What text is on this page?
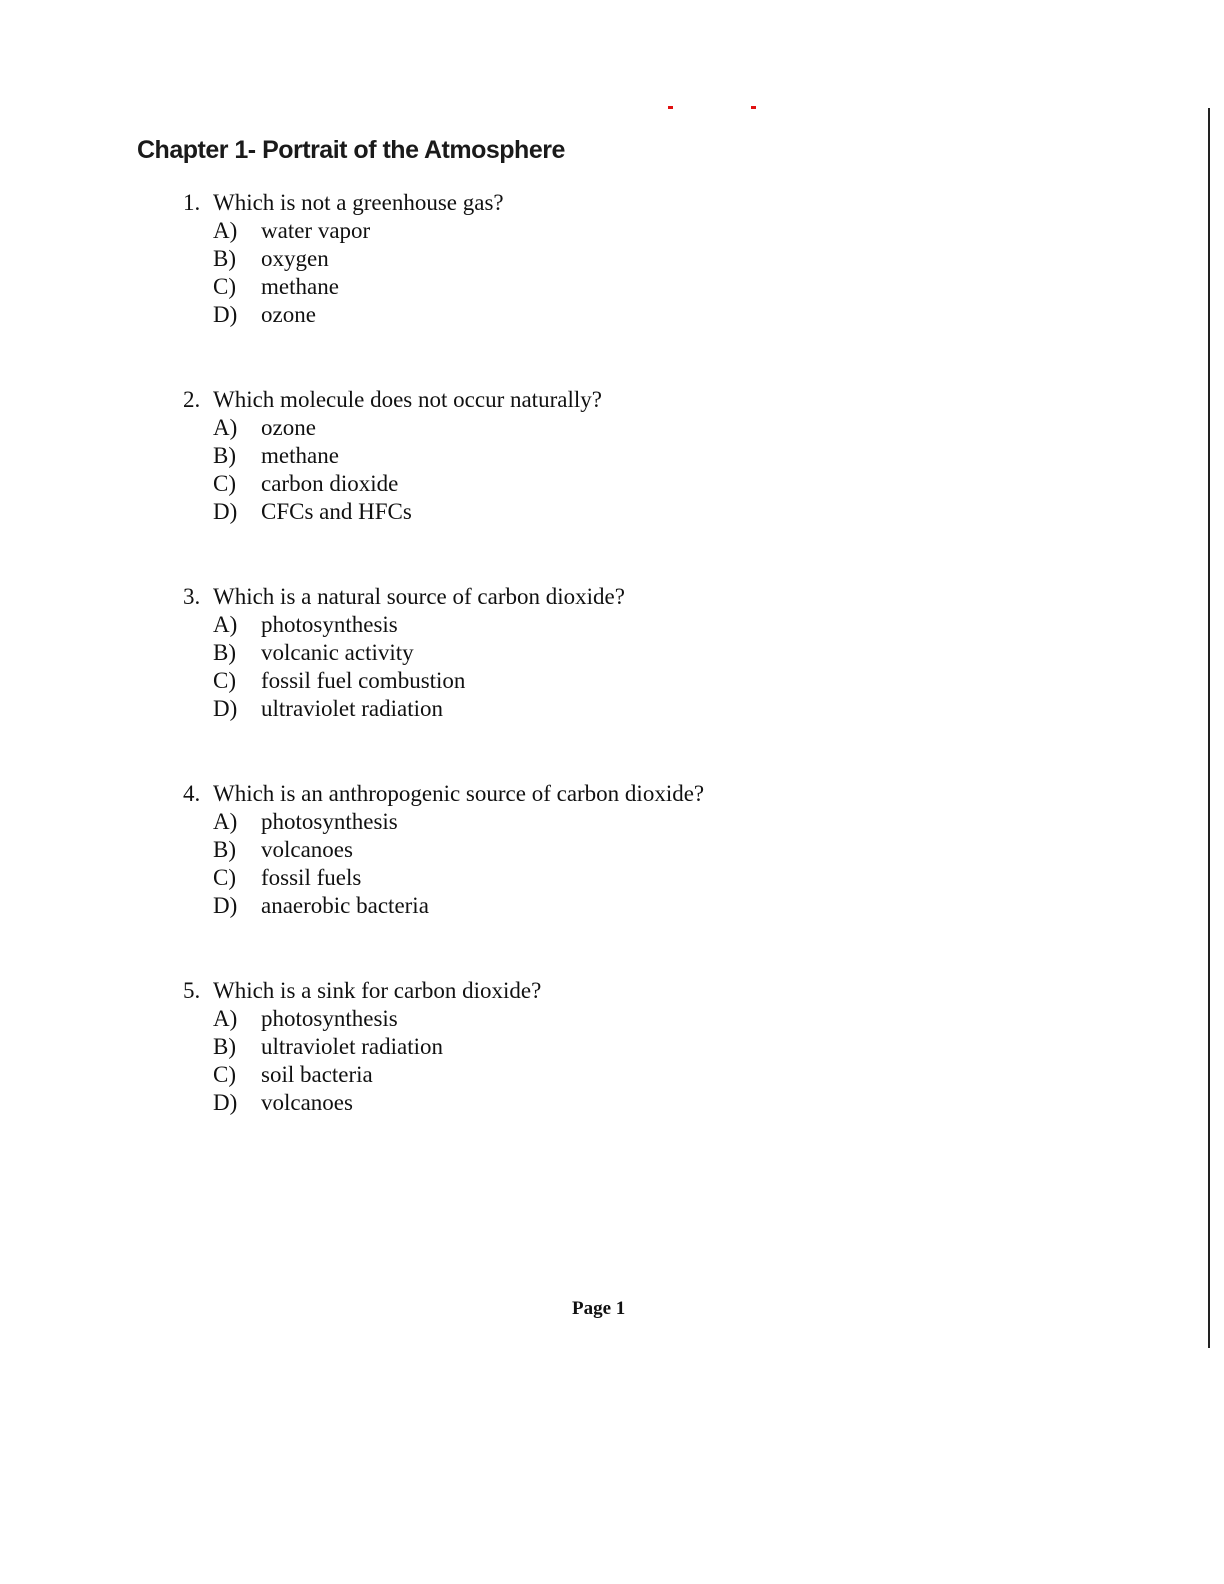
Chapter 1- Portrait of the Atmosphere
1. Which is not a greenhouse gas?
A) water vapor
B) oxygen
C) methane
D) ozone
2. Which molecule does not occur naturally?
A) ozone
B) methane
C) carbon dioxide
D) CFCs and HFCs
3. Which is a natural source of carbon dioxide?
A) photosynthesis
B) volcanic activity
C) fossil fuel combustion
D) ultraviolet radiation
4. Which is an anthropogenic source of carbon dioxide?
A) photosynthesis
B) volcanoes
C) fossil fuels
D) anaerobic bacteria
5. Which is a sink for carbon dioxide?
A) photosynthesis
B) ultraviolet radiation
C) soil bacteria
D) volcanoes
Page 1
